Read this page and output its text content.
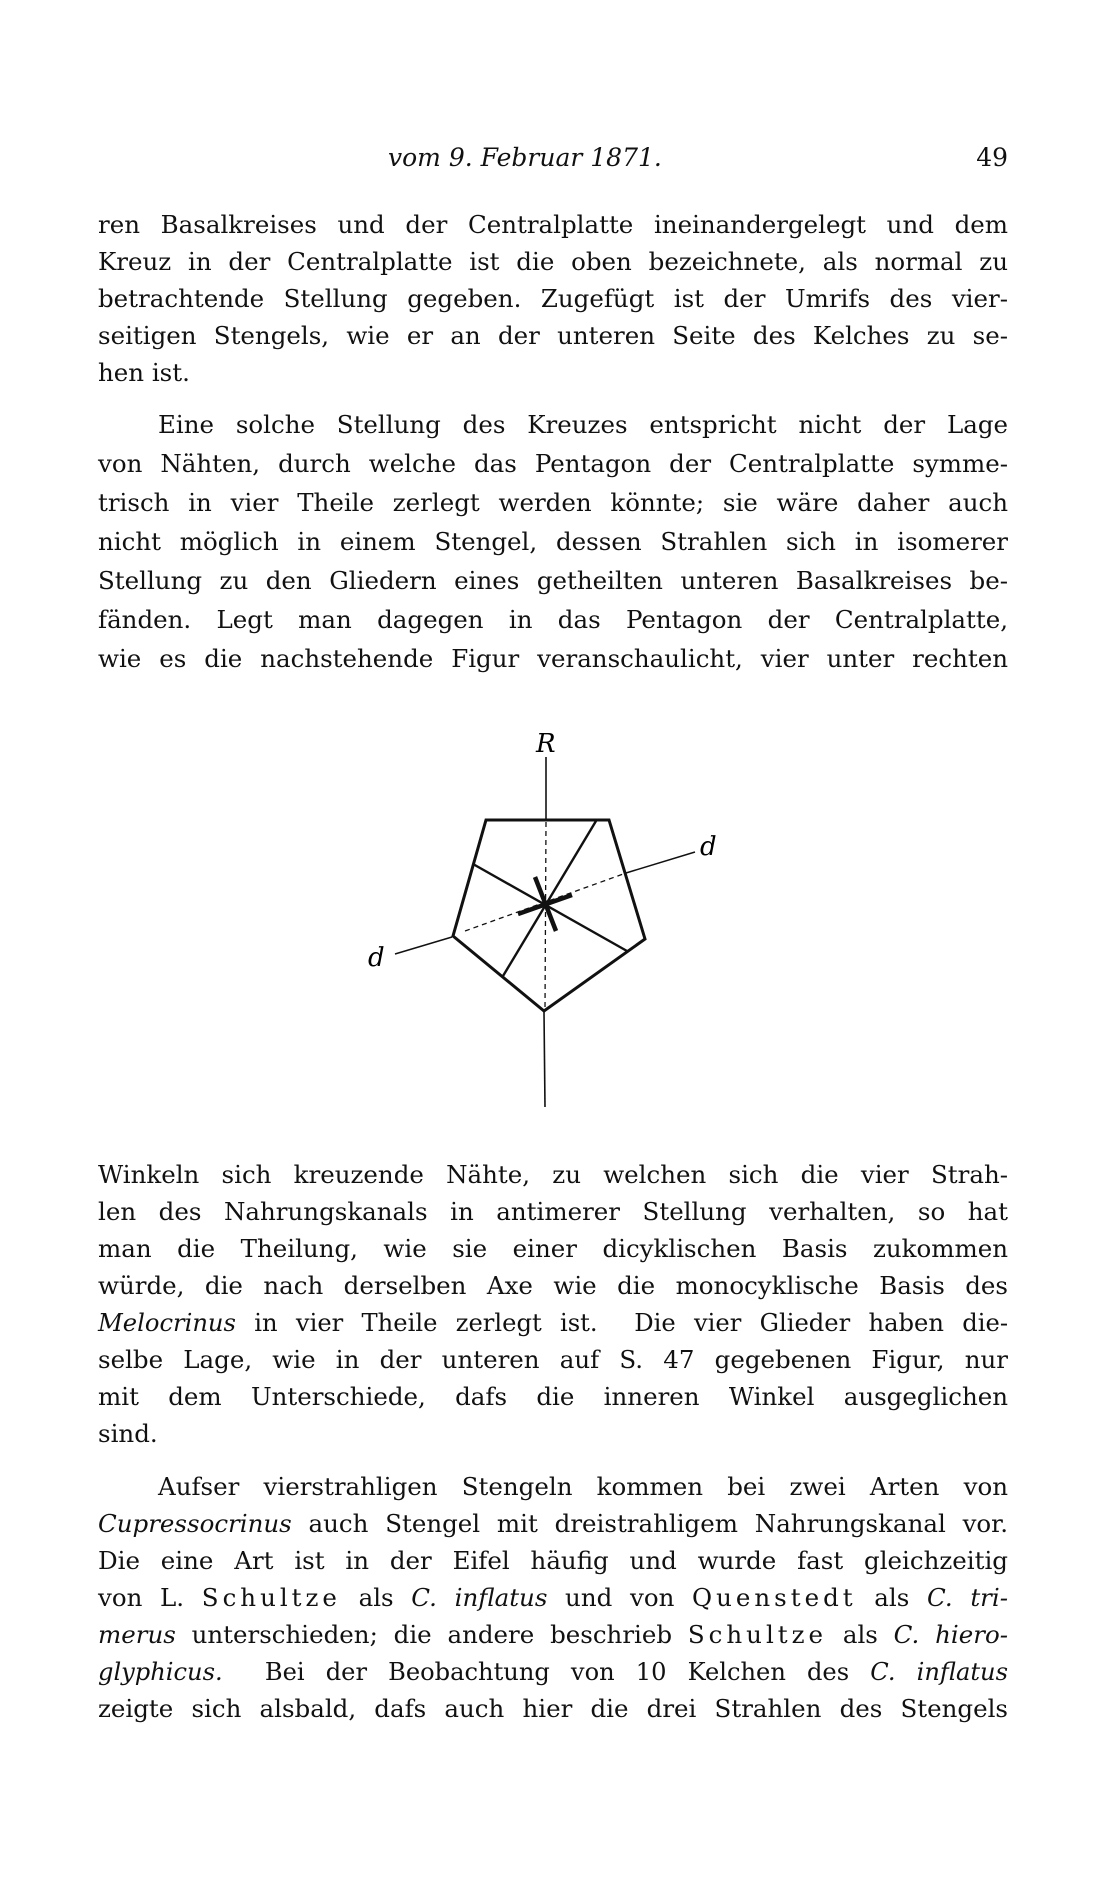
vom 9. Februar 1871.	49
ren Basalkreises und der Centralplatte ineinandergelegt und dem
Kreuz in der Centralplatte ist die oben bezeichnete, als normal zu
betrachtende Stellung gegeben. Zugefügt ist der Umrifs des vier-
seitigen Stengels, wie er an der unteren Seite des Kelches zu se-
hen ist.
Eine solche Stellung des Kreuzes entspricht nicht der Lage
von Nähten, durch welche das Pentagon der Centralplatte symme-
trisch in vier Theile zerlegt werden könnte; sie wäre daher auch
nicht möglich in einem Stengel, dessen Strahlen sich in isomerer
Stellung zu den Gliedern eines getheilten unteren Basalkreises be-
fänden. Legt man dagegen in das Pentagon der Centralplatte,
wie es die nachstehende Figur veranschaulicht, vier unter rechten
R
d
d
Winkeln sich kreuzende Nähte, zu welchen sich die vier Strah-
len des Nahrungskanals in antimerer Stellung verhalten, so hat
man die Theilung, wie sie einer dicyklischen Basis zukommen
würde, die nach derselben Axe wie die monocyklische Basis des
Melocrinus in vier Theile zerlegt ist.  Die vier Glieder haben die-
selbe Lage, wie in der unteren auf S. 47 gegebenen Figur, nur
mit dem Unterschiede, dafs die inneren Winkel ausgeglichen
sind.
Aufser vierstrahligen Stengeln kommen bei zwei Arten von
Cupressocrinus auch Stengel mit dreistrahligem Nahrungskanal vor.
Die eine Art ist in der Eifel häufig und wurde fast gleichzeitig
von L. Schultze als C. inflatus und von Quenstedt als C. tri-
merus unterschieden; die andere beschrieb Schultze als C. hiero-
glyphicus.  Bei der Beobachtung von 10 Kelchen des C. inflatus
zeigte sich alsbald, dafs auch hier die drei Strahlen des Stengels
